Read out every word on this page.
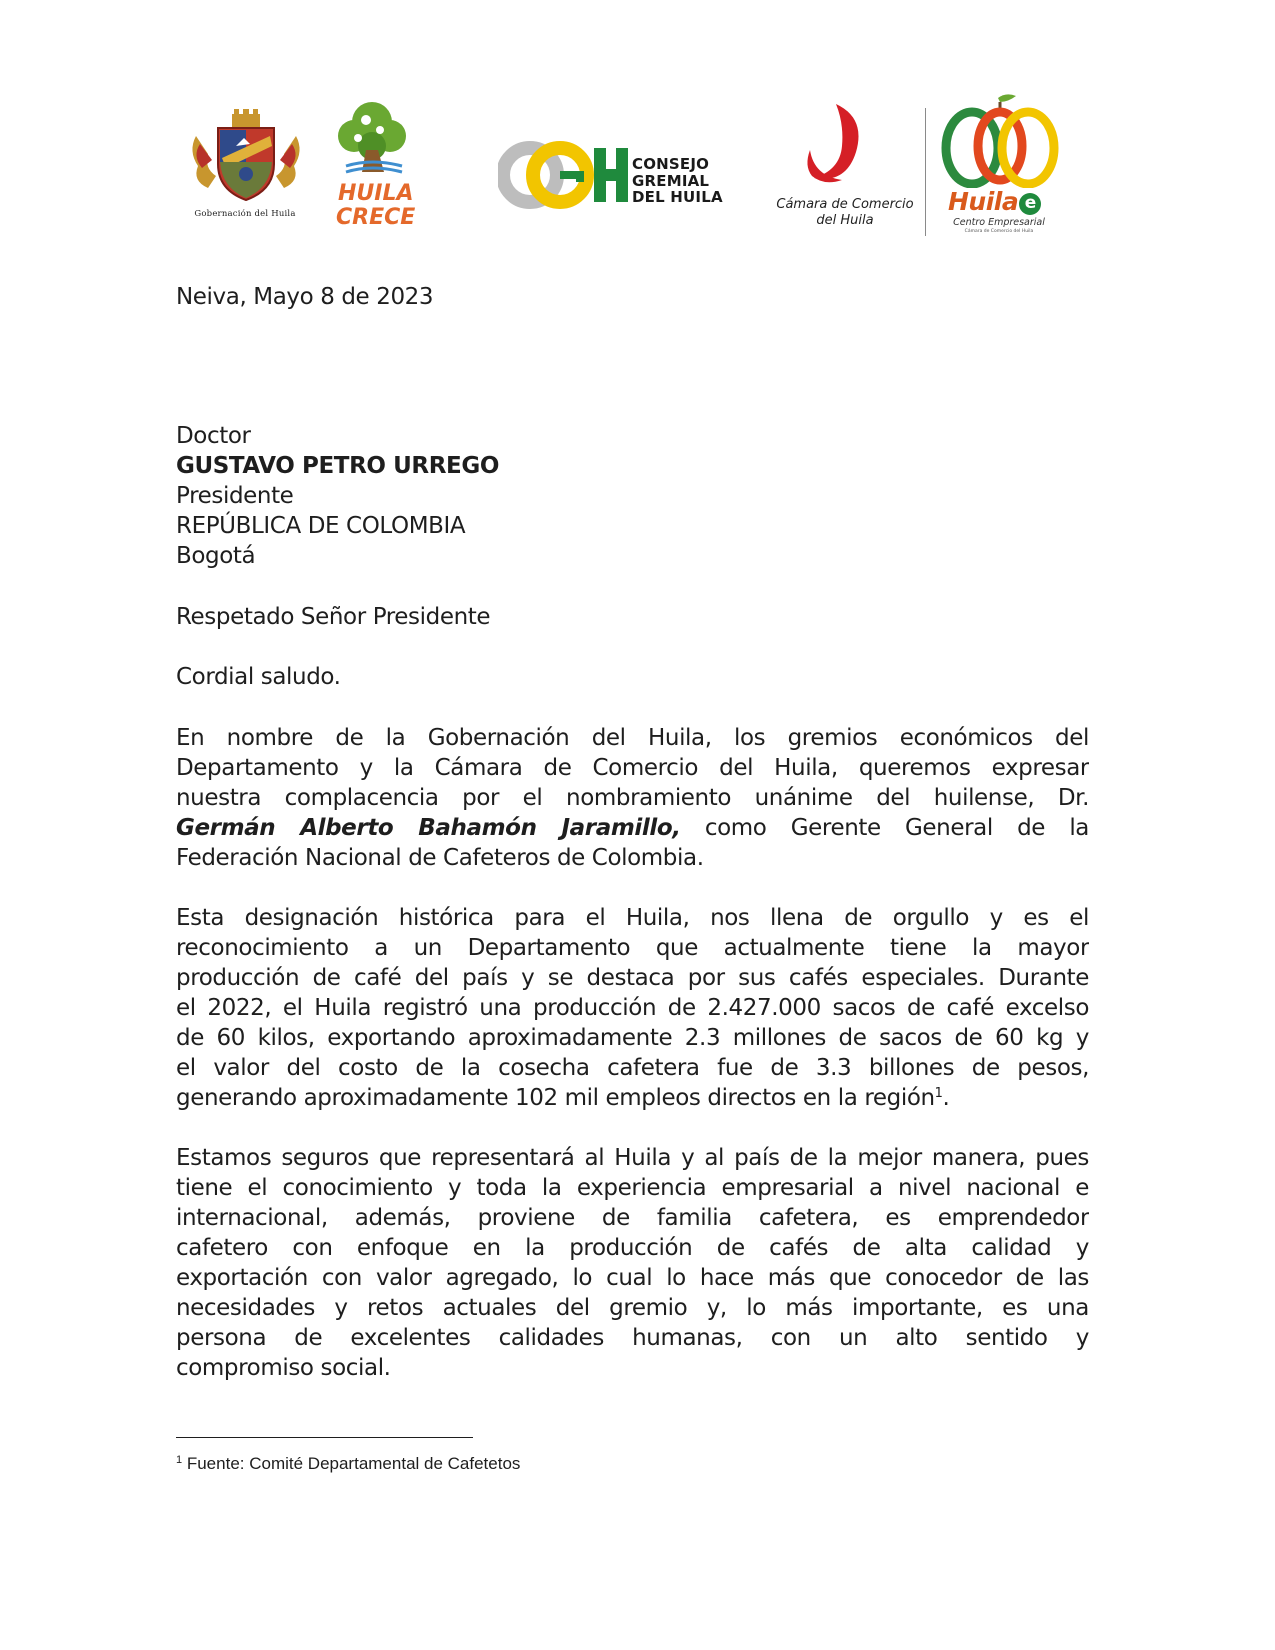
Gobernación del Huila
HUILA
CRECE
CONSEJO
GREMIAL
DEL HUILA	Cámara de Comercio
del Huila
Huila e
Centro Empresarial
Cámara de Comercio del Huila
Neiva, Mayo 8 de 2023
Doctor
GUSTAVO PETRO URREGO
Presidente
REPÚBLICA DE COLOMBIA
Bogotá
Respetado Señor Presidente
Cordial saludo.
En nombre de la Gobernación del Huila, los gremios económicos del
Departamento y la Cámara de Comercio del Huila, queremos expresar
nuestra complacencia por el nombramiento unánime del huilense, Dr.
Germán Alberto Bahamón Jaramillo, como Gerente General de la
Federación Nacional de Cafeteros de Colombia.
Esta designación histórica para el Huila, nos llena de orgullo y es el
reconocimiento a un Departamento que actualmente tiene la mayor
producción de café del país y se destaca por sus cafés especiales. Durante
el 2022, el Huila registró una producción de 2.427.000 sacos de café excelso
de 60 kilos, exportando aproximadamente 2.3 millones de sacos de 60 kg y
el valor del costo de la cosecha cafetera fue de 3.3 billones de pesos,
generando aproximadamente 102 mil empleos directos en la región$^1$.
Estamos seguros que representará al Huila y al país de la mejor manera, pues
tiene el conocimiento y toda la experiencia empresarial a nivel nacional e
internacional, además, proviene de familia cafetera, es emprendedor
cafetero con enfoque en la producción de cafés de alta calidad y
exportación con valor agregado, lo cual lo hace más que conocedor de las
necesidades y retos actuales del gremio y, lo más importante, es una
persona de excelentes calidades humanas, con un alto sentido y
compromiso social.
$^1$ Fuente: Comité Departamental de Cafetetos
